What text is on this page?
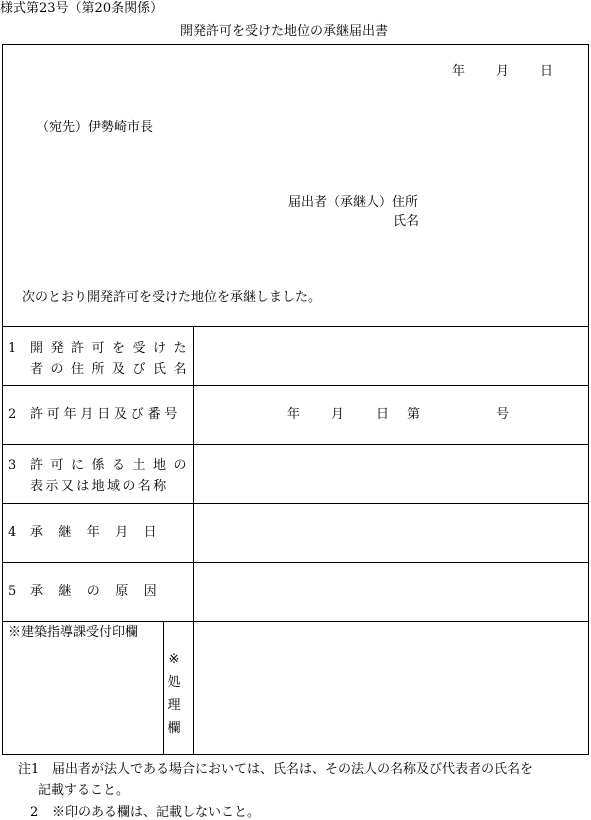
様式第23号（第20条関係）
開発許可を受けた地位の承継届出書
年 月 日
（宛先）伊勢崎市長
届出者（承継人）住所
氏名
次のとおり開発許可を受けた地位を承継しました。
1 開発許可を受けた
者の住所及び氏名
2 許可年月日及び番号	年 月 日 第	号
3 許可に係る土地の
表示又は地域の名称
4 承　継　年　月　日
5 承　継　の　原　因
※建築指導課受付印欄
※
処
理
欄
注1 届出者が法人である場合においては、氏名は、その法人の名称及び代表者の氏名を
記載すること。
2 ※印のある欄は、記載しないこと。
